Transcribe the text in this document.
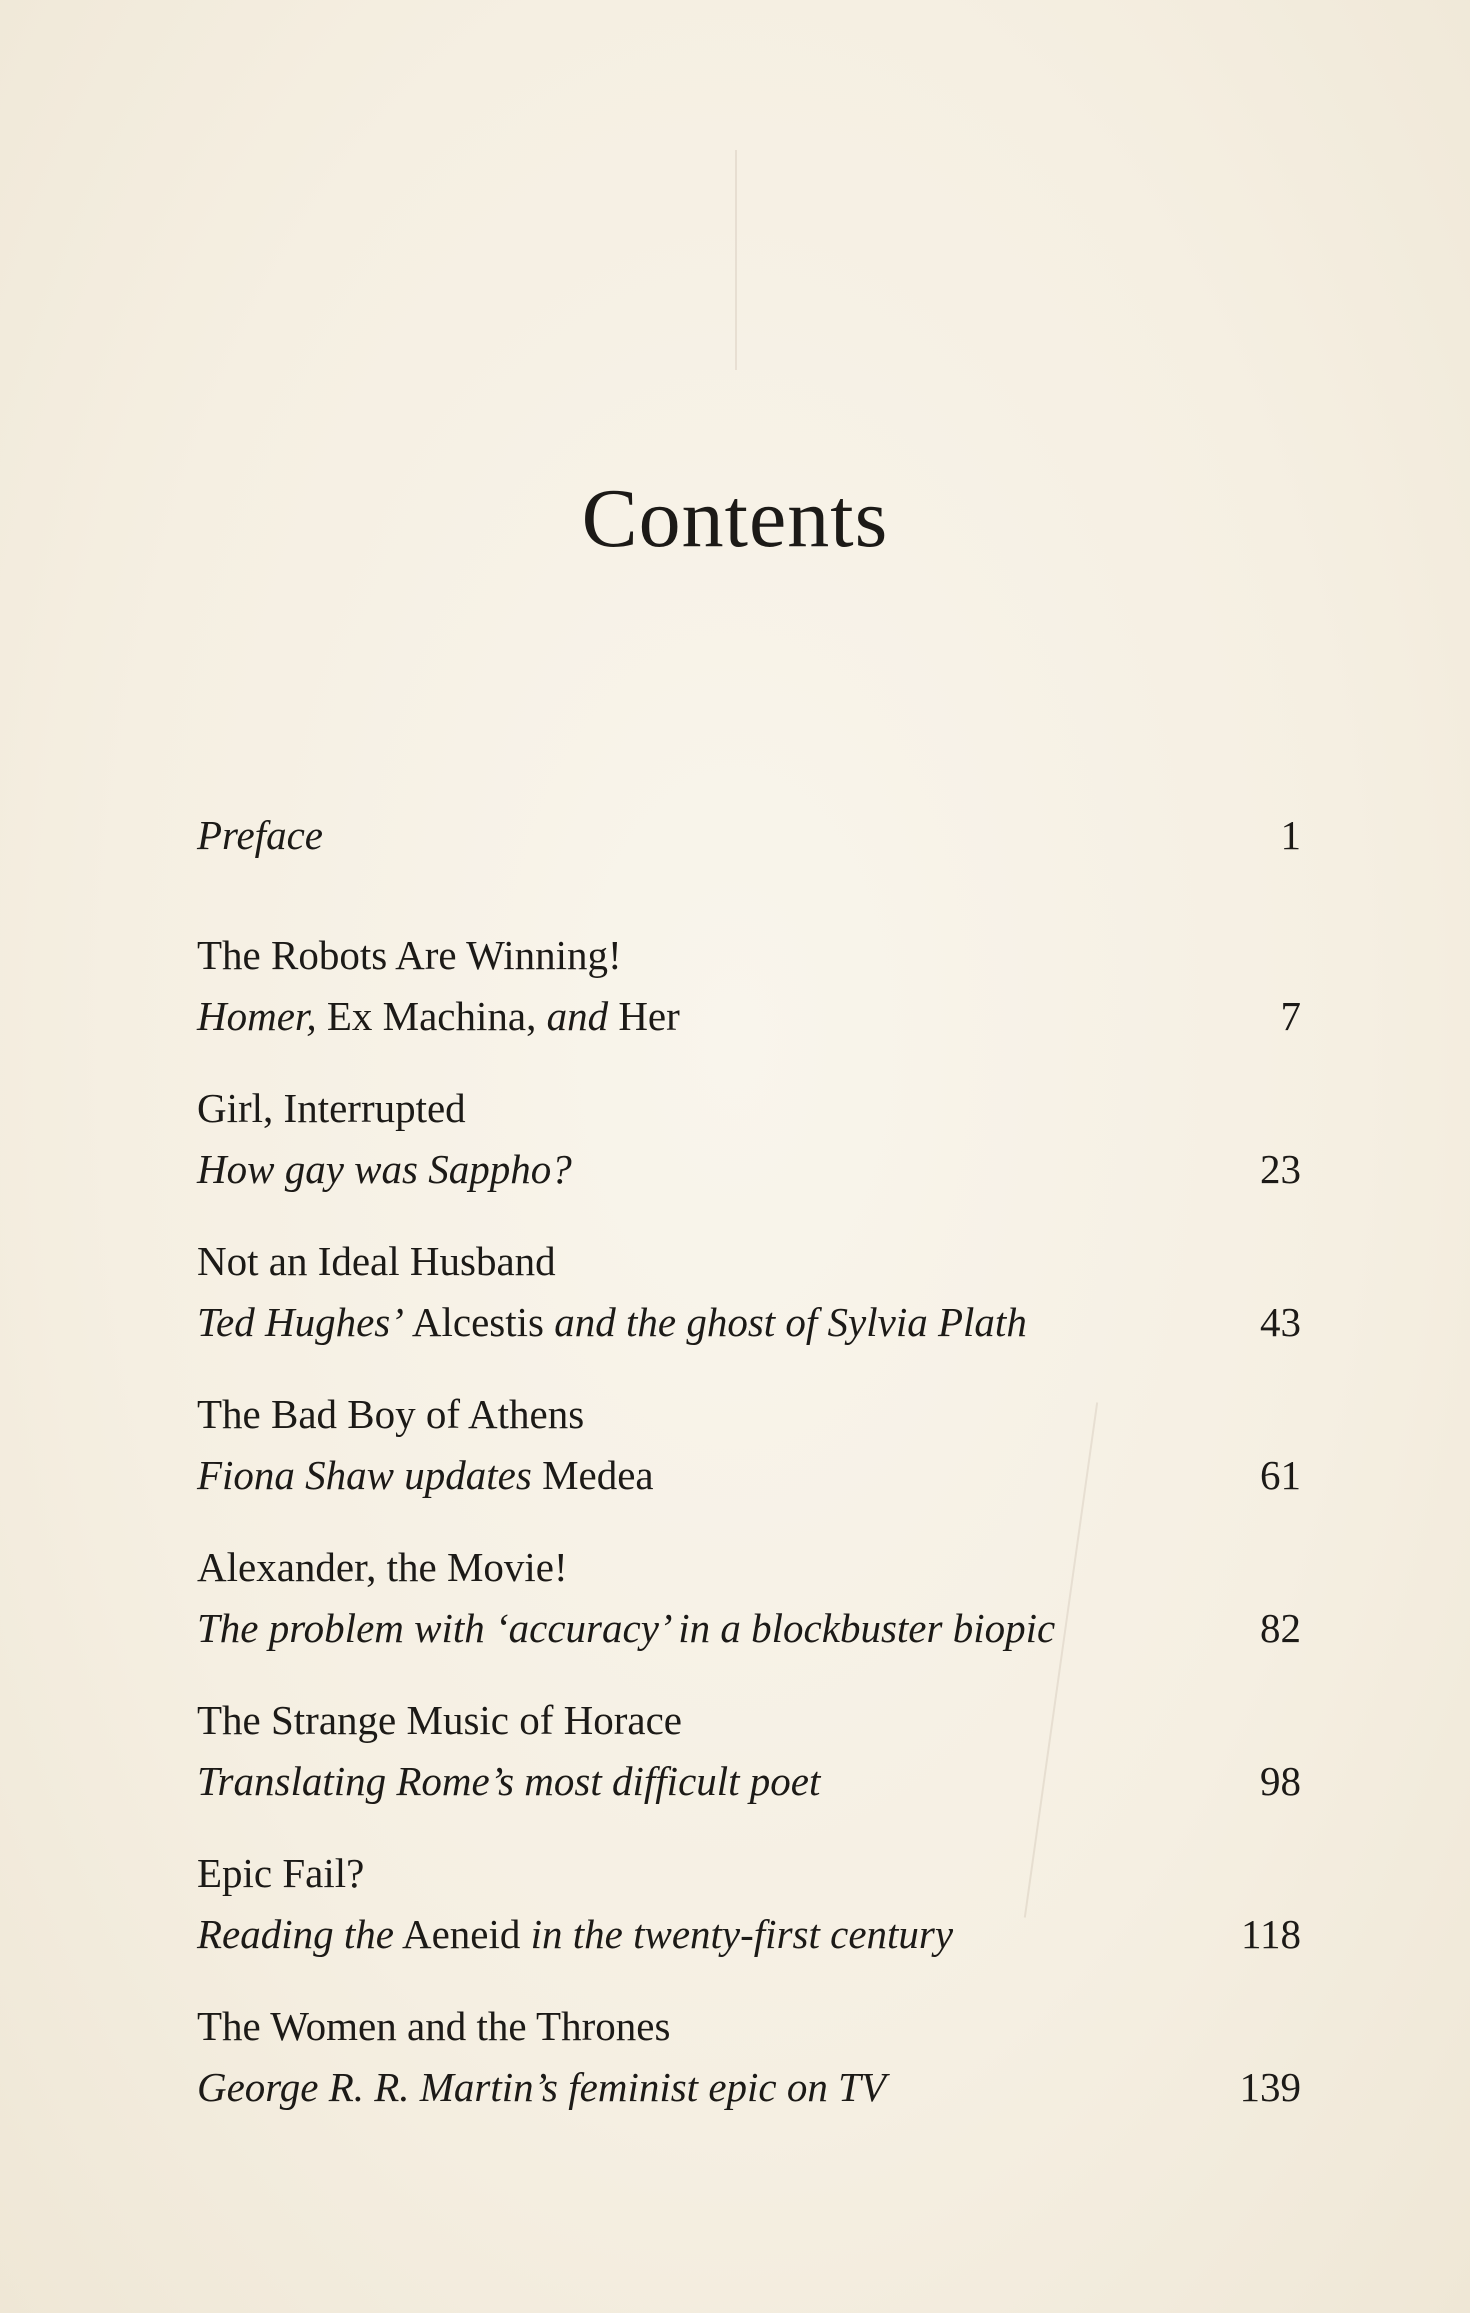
Contents
Preface	1
The Robots Are Winning!
Homer, Ex Machina, and Her	7
Girl, Interrupted
How gay was Sappho?	23
Not an Ideal Husband
Ted Hughes’ Alcestis and the ghost of Sylvia Plath	43
The Bad Boy of Athens
Fiona Shaw updates Medea	61
Alexander, the Movie!
The problem with ‘accuracy’ in a blockbuster biopic	82
The Strange Music of Horace
Translating Rome’s most difficult poet	98
Epic Fail?
Reading the Aeneid in the twenty-first century	118
The Women and the Thrones
George R. R. Martin’s feminist epic on TV	139
